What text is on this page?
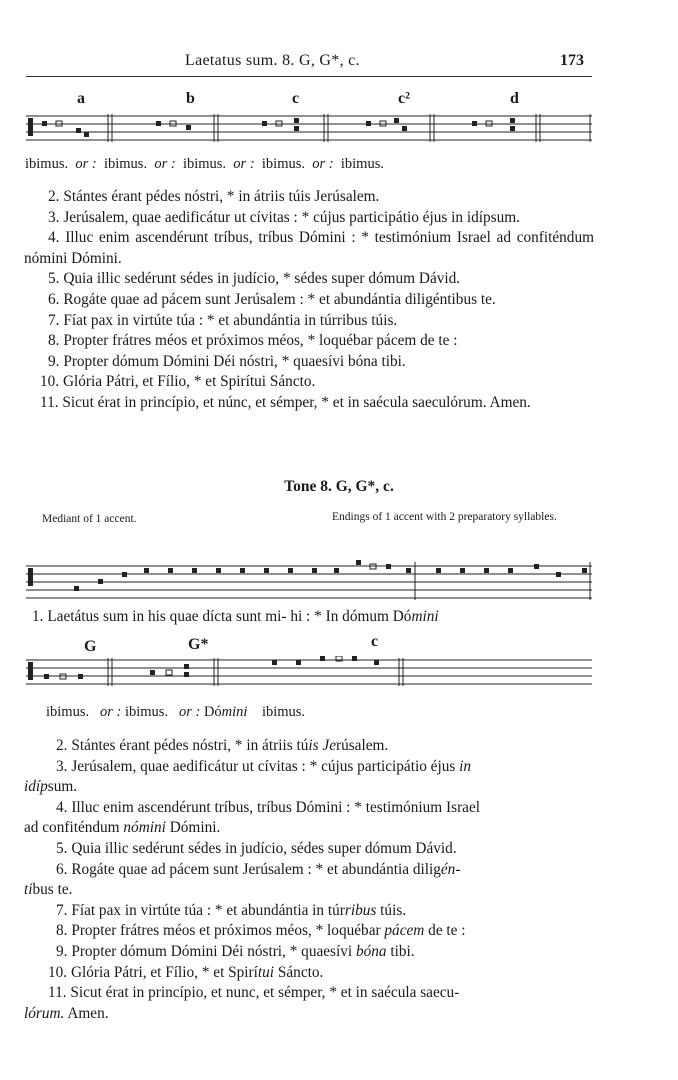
Laetatus sum. 8. G, G*, c.	173
a	b	c	c²	d
ibimus. or : ibimus. or : ibimus. or : ibimus. or : ibimus.

2. Stántes érant pédes nóstri, * in átriis túis Jerúsalem.

3. Jerúsalem, quae aedificátur ut cívitas : * cújus participátio éjus in idípsum.

4. Illuc enim ascendérunt tríbus, tríbus Dómini : * testimónium Israel ad confiténdum nómini Dómini.

5. Quia illic sedérunt sédes in judício, * sédes super dómum Dávid.

6. Rogáte quae ad pácem sunt Jerúsalem : * et abundántia diligéntibus te.

7. Fíat pax in virtúte túa : * et abundántia in túrribus túis.

8. Propter frátres méos et próximos méos, * loquébar pácem de te :

9. Propter dómum Dómini Déi nóstri, * quaesívi bóna tibi.

10. Glória Pátri, et Fílio, * et Spirítui Sáncto.

11. Sicut érat in princípio, et núnc, et sémper, * et in saécula saeculórum. Amen.

Tone 8. G, G*, c.
Mediant of 1 accent.	Endings of 1 accent with 2 preparatory syllables.
1. Laetátus sum in his quae dícta sunt mi- hi : * In dómum Dómini
G	G*	c
ibimus. or : ibimus. or : Dómini ibimus.

2. Stántes érant pédes nóstri, * in átriis túis Jerúsalem.

3. Jerúsalem, quae aedificátur ut cívitas : * cújus participátio éjus in

idípsum.

4. Illuc enim ascendérunt tríbus, tríbus Dómini : * testimónium Israel

ad confiténdum nómini Dómini.

5. Quia illic sedérunt sédes in judício, sédes super dómum Dávid.

6. Rogáte quae ad pácem sunt Jerúsalem : * et abundántia diligén-

tibus te.

7. Fíat pax in virtúte túa : * et abundántia in túrribus túis.

8. Propter frátres méos et próximos méos, * loquébar pácem de te :

9. Propter dómum Dómini Déi nóstri, * quaesívi bóna tibi.

10. Glória Pátri, et Fílio, * et Spirítui Sáncto.

11. Sicut érat in princípio, et nunc, et sémper, * et in saécula saecu-

lórum. Amen.
